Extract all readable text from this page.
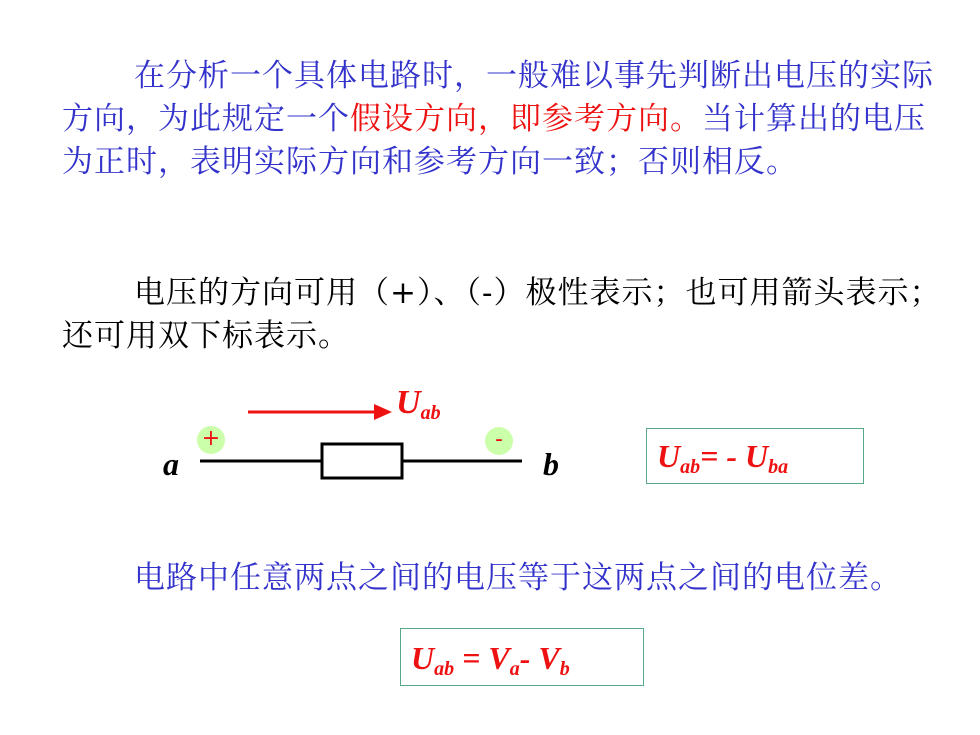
在分析一个具体电路时，一般难以事先判断出电压的实际方向，为此规定一个假设方向，即参考方向。当计算出的电压为正时，表明实际方向和参考方向一致；否则相反。

电压的方向可用（+）、（-）极性表示；也可用箭头表示；还可用双下标表示。

$U_{ab}$
+	-
a	b	$U_{ab}= - U_{ba}$

电路中任意两点之间的电压等于这两点之间的电位差。

$U_{ab} = V_a-$ $V_b$
